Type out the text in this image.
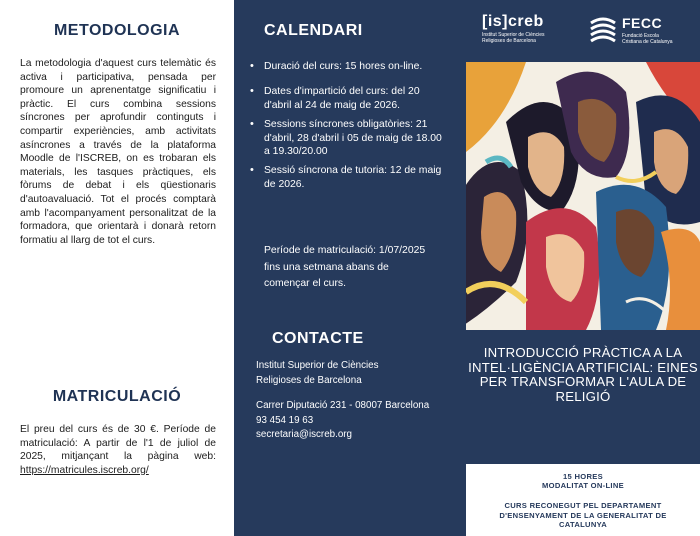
METODOLOGIA

La metodologia d'aquest curs telemàtic és activa i participativa, pensada per promoure un aprenentatge significatiu i pràctic. El curs combina sessions síncrones per aprofundir continguts i compartir experiències, amb activitats asíncrones a través de la plataforma Moodle de l'ISCREB, on es trobaran els materials, les tasques pràctiques, els fòrums de debat i els qüestionaris d'autoavaluació. Tot el procés comptarà amb l'acompanyament personalitzat de la formadora, que orientarà i donarà retorn formatiu al llarg de tot el curs.

MATRICULACIÓ

El preu del curs és de 30 €. Període de matriculació: A partir de l'1 de juliol de 2025, mitjançant la pàgina web: https://matricules.iscreb.org/

CALENDARI
• Duració del curs: 15 hores on-line.
• Dates d'impartició del curs: del 20 d'abril al 24 de maig de 2026.
• Sessions síncrones obligatòries: 21 d'abril, 28 d'abril i 05 de maig de 18.00 a 19.30/20.00
• Sessió síncrona de tutoria: 12 de maig de 2026.

Període de matriculació: 1/07/2025 fins una setmana abans de començar el curs.

CONTACTE
Institut Superior de Ciències
Religioses de Barcelona
Carrer Diputació 231 - 08007 Barcelona
93 454 19 63
secretaria@iscreb.org
[is]creb
Institut Superior de Ciències
Religioses de Barcelona
FECC
Fundació Escola
Cristiana de Catalunya
INTRODUCCIÓ PRÀCTICA A LA INTEL·LIGÈNCIA ARTIFICIAL: EINES PER TRANSFORMAR L'AULA DE RELIGIÓ
15 HORES
MODALITAT ON-LINE
CURS RECONEGUT PEL DEPARTAMENT D'ENSENYAMENT DE LA GENERALITAT DE CATALUNYA
